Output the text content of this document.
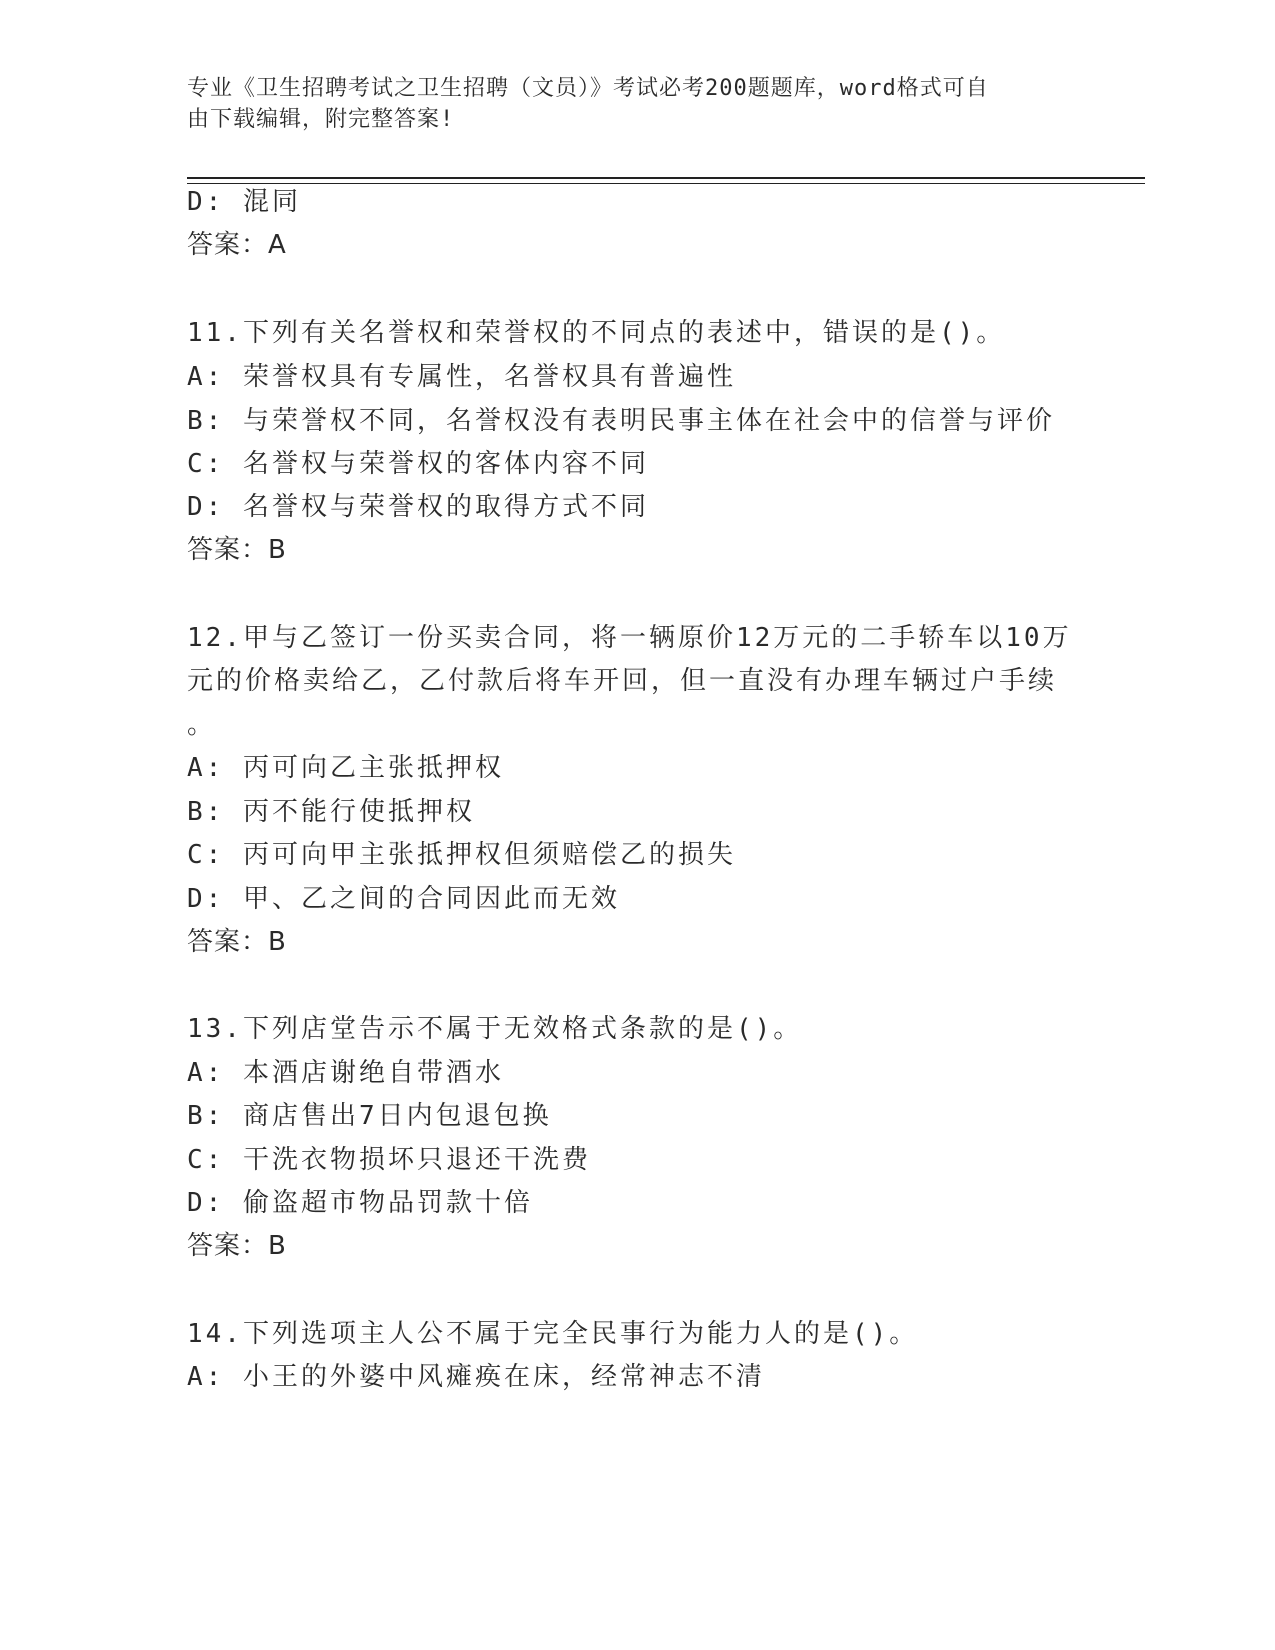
专业《卫生招聘考试之卫生招聘（文员）》考试必考200题题库，word格式可自
由下载编辑，附完整答案!
D: 混同
答案：A
11.下列有关名誉权和荣誉权的不同点的表述中，错误的是()。
A: 荣誉权具有专属性，名誉权具有普遍性
B: 与荣誉权不同，名誉权没有表明民事主体在社会中的信誉与评价
C: 名誉权与荣誉权的客体内容不同
D: 名誉权与荣誉权的取得方式不同
答案：B
12.甲与乙签订一份买卖合同，将一辆原价12万元的二手轿车以10万
元的价格卖给乙，乙付款后将车开回，但一直没有办理车辆过户手续
。
A: 丙可向乙主张抵押权
B: 丙不能行使抵押权
C: 丙可向甲主张抵押权但须赔偿乙的损失
D: 甲、乙之间的合同因此而无效
答案：B
13.下列店堂告示不属于无效格式条款的是()。
A: 本酒店谢绝自带酒水
B: 商店售出7日内包退包换
C: 干洗衣物损坏只退还干洗费
D: 偷盗超市物品罚款十倍
答案：B
14.下列选项主人公不属于完全民事行为能力人的是()。
A: 小王的外婆中风瘫痪在床，经常神志不清
